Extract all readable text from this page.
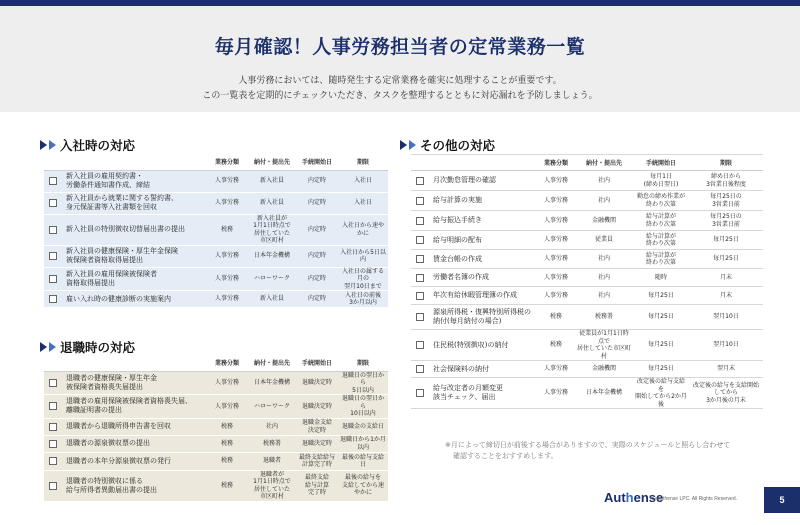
毎月確認！人事労務担当者の定常業務一覧

人事労務においては、随時発生する定常業務を確実に処理することが重要です。

この一覧表を定期的にチェックいただき、タスクを整理するとともに対応漏れを予防しましょう。

入社時の対応
		業務分類	納付・提出先	手続開始日	期限
	新入社員の雇用契約書・
労働条件通知書作成、締結	人事労務	新入社員	内定時	入社日
	新入社員から就業に関する誓約書、
身元保証書等入社書類を回収	人事労務	新入社員	内定時	入社日
	新入社員の特別徴収切替届出書の提出	税務	新入社員が
1月1日時点で
居住していた
市区町村	内定時	入社日から速やかに
	新入社員の健康保険・厚生年金保険
被保険者資格取得届提出	人事労務	日本年金機構	内定時	入社日から5日以内
	新入社員の雇用保険被保険者
資格取得届提出	人事労務	ハローワーク	内定時	入社日の属する月の
翌月10日まで
	雇い入れ時の健康診断の実施案内	人事労務	新入社員	内定時	入社日の前後
3か月以内
退職時の対応
		業務分類	納付・提出先	手続開始日	期限
	退職者の健康保険・厚生年金
被保険者資格喪失届提出	人事労務	日本年金機構	退職決定時	退職日の翌日から
5日以内
	退職者の雇用保険被保険者資格喪失届、
離職証明書の提出	人事労務	ハローワーク	退職決定時	退職日の翌日から
10日以内
	退職者から退職所得申告書を回収	税務	社内	退職金支給
決定時	退職金の支給日
	退職者の源泉徴収票の提出	税務	税務署	退職決定時	退職日から1か月以内
	退職者の本年分源泉徴収票の発行	税務	退職者	最終支給給与
計算完了時	最後の給与支給日
	退職者の特別徴収に係る
給与所得者異動届出書の提出	税務	退職者が
1月1日時点で
居住していた
市区町村	最終支給
給与計算
完了時	最後の給与を
支給してから速やかに
その他の対応
		業務分類	納付・提出先	手続開始日	期限
	月次勤怠管理の確認	人事労務	社内	毎月1日
(締め日翌日)	締め日から
3営業日後程度
	給与計算の実施	人事労務	社内	勤怠の締め作業が
終わり次第	毎月25日の
3営業日前
	給与振込手続き	人事労務	金融機関	給与計算が
終わり次第	毎月25日の
3営業日前
	給与明細の配布	人事労務	従業員	給与計算が
終わり次第	毎月25日
	賃金台帳の作成	人事労務	社内	給与計算が
終わり次第	毎月25日
	労働者名簿の作成	人事労務	社内	随時	月末
	年次有給休暇管理簿の作成	人事労務	社内	毎月25日	月末
	源泉所得税・復興特別所得税の
納付(毎月納付の場合)	税務	税務署	毎月25日	翌月10日
	住民税(特別徴収)の納付	税務	従業員が1月1日時点で
居住していた市区町村	毎月25日	翌月10日
	社会保険料の納付	人事労務	金融機関	毎月25日	翌月末
	給与改定者の月額変更
該当チェック、届出	人事労務	日本年金機構	改定後の給与支給を
開始してから2か月後	改定後の給与を支給開始してから
3か月後の月末
※月によって締切日が前後する場合がありますので、実際のスケジュールと照らし合わせて
確認することをおすすめします。
Authense
(c) Authense LPC. All Rights Reserved.	5
